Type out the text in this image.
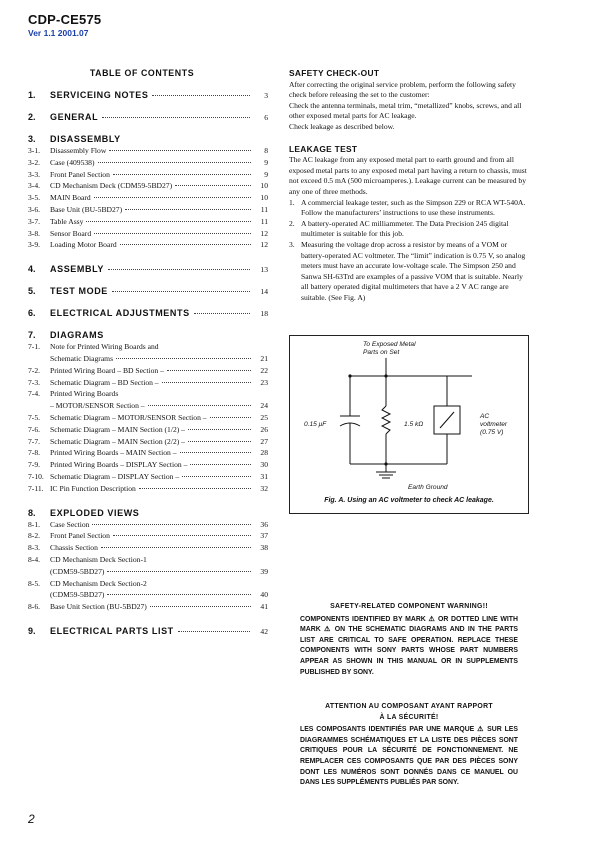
CDP-CE575
Ver 1.1 2001.07
TABLE OF CONTENTS
1.	SERVICEING NOTES	3
2.	GENERAL	6
3.	DISASSEMBLY
3-1.	Disassembly Flow	8
3-2.	Case (409538)	9
3-3.	Front Panel Section	9
3-4.	CD Mechanism Deck (CDM59-5BD27)	10
3-5.	MAIN Board	10
3-6.	Base Unit (BU-5BD27)	11
3-7.	Table Assy	11
3-8.	Sensor Board	12
3-9.	Loading Motor Board	12
4.	ASSEMBLY	13
5.	TEST MODE	14
6.	ELECTRICAL ADJUSTMENTS	18
7.	DIAGRAMS
7-1.	Note for Printed Wiring Boards and
Schematic Diagrams	21
7-2.	Printed Wiring Board – BD Section –	22
7-3.	Schematic Diagram – BD Section –	23
7-4.	Printed Wiring Boards
– MOTOR/SENSOR Section –	24
7-5.	Schematic Diagram – MOTOR/SENSOR Section –	25
7-6.	Schematic Diagram – MAIN Section (1/2) –	26
7-7.	Schematic Diagram – MAIN Section (2/2) –	27
7-8.	Printed Wiring Boards – MAIN Section –	28
7-9.	Printed Wiring Boards – DISPLAY Section –	30
7-10. Schematic Diagram – DISPLAY Section –	31
7-11. IC Pin Function Description	32
8.	EXPLODED VIEWS
8-1.	Case Section	36
8-2.	Front Panel Section	37
8-3.	Chassis Section	38
8-4.	CD Mechanism Deck Section-1
(CDM59-5BD27)	39
8-5.	CD Mechanism Deck Section-2
(CDM59-5BD27)	40
8-6.	Base Unit Section (BU-5BD27)	41
9.	ELECTRICAL PARTS LIST	42
SAFETY CHECK-OUT

After correcting the original service problem, perform the following safety check before releasing the set to the customer:

Check the antenna terminals, metal trim, “metallized” knobs, screws, and all other exposed metal parts for AC leakage.

Check leakage as described below.

LEAKAGE TEST

The AC leakage from any exposed metal part to earth ground and from all exposed metal parts to any exposed metal part having a return to chassis, must not exceed 0.5 mA (500 microamperes.). Leakage current can be measured by any one of three methods.

1. A commercial leakage tester, such as the Simpson 229 or RCA WT-540A. Follow the manufacturers’ instructions to use these instruments.
2. A battery-operated AC milliammeter. The Data Precision 245 digital multimeter is suitable for this job.
3. Measuring the voltage drop across a resistor by means of a VOM or battery-operated AC voltmeter. The “limit” indication is 0.75 V, so analog meters must have an accurate low-voltage scale. The Simpson 250 and Sanwa SH-63Trd are examples of a passive VOM that is suitable. Nearly all battery operated digital multimeters that have a 2 V AC range are suitable. (See Fig. A)
To Exposed Metal
Parts on Set
0.15 μF	1.5 kΩ
AC
voltmeter
(0.75 V)
Earth Ground
Fig. A. Using an AC voltmeter to check AC leakage.
SAFETY-RELATED COMPONENT WARNING!!
COMPONENTS IDENTIFIED BY MARK ⚠ OR DOTTED LINE WITH MARK ⚠ ON THE SCHEMATIC DIAGRAMS AND IN THE PARTS LIST ARE CRITICAL TO SAFE OPERATION. REPLACE THESE COMPONENTS WITH SONY PARTS WHOSE PART NUMBERS APPEAR AS SHOWN IN THIS MANUAL OR IN SUPPLEMENTS PUBLISHED BY SONY.
ATTENTION AU COMPOSANT AYANT RAPPORT
À LA SÉCURITÉ!
LES COMPOSANTS IDENTIFIÉS PAR UNE MARQUE ⚠ SUR LES DIAGRAMMES SCHÉMATIQUES ET LA LISTE DES PIÈCES SONT CRITIQUES POUR LA SÉCURITÉ DE FONCTIONNEMENT. NE REMPLACER CES COMPOSANTS QUE PAR DES PIÈCES SONY DONT LES NUMÉROS SONT DONNÉS DANS CE MANUEL OU DANS LES SUPPLÉMENTS PUBLIÉS PAR SONY.
2
